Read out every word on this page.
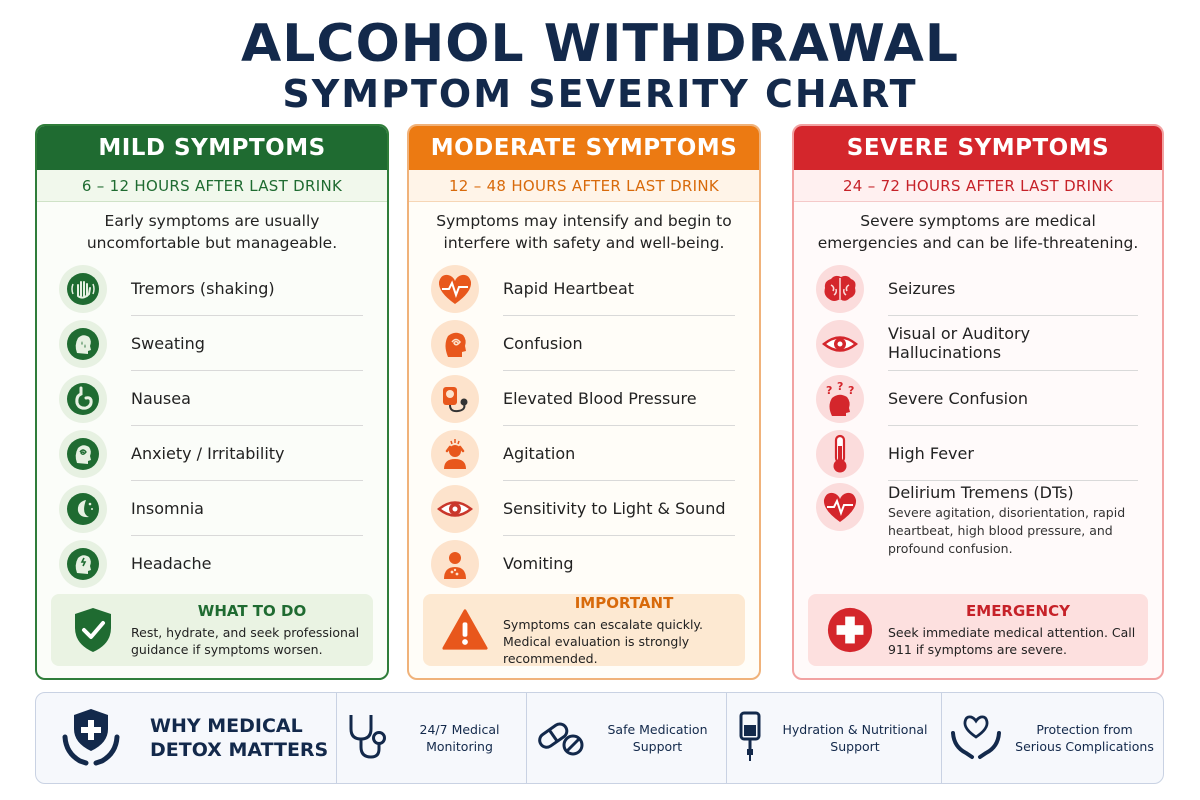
ALCOHOL WITHDRAWAL
SYMPTOM SEVERITY CHART
MILD SYMPTOMS
6 – 12 HOURS AFTER LAST DRINK
Early symptoms are usually uncomfortable but manageable.
Tremors (shaking)
Sweating
Nausea
Anxiety / Irritability
Insomnia
Headache
WHAT TO DO
Rest, hydrate, and seek professional guidance if symptoms worsen.
MODERATE SYMPTOMS
12 – 48 HOURS AFTER LAST DRINK
Symptoms may intensify and begin to interfere with safety and well-being.
Rapid Heartbeat
Confusion
Elevated Blood Pressure
Agitation
Sensitivity to Light & Sound
Vomiting
IMPORTANT
Symptoms can escalate quickly. Medical evaluation is strongly recommended.
SEVERE SYMPTOMS
24 – 72 HOURS AFTER LAST DRINK
Severe symptoms are medical emergencies and can be life-threatening.
Seizures
Visual or Auditory Hallucinations
? ? ? Severe Confusion
High Fever
Delirium Tremens (DTs)
Severe agitation, disorientation, rapid heartbeat, high blood pressure, and profound confusion.
EMERGENCY
Seek immediate medical attention. Call 911 if symptoms are severe.
WHY MEDICAL DETOX MATTERS
24/7 Medical Monitoring
Safe Medication Support
Hydration & Nutritional Support
Protection from Serious Complications
